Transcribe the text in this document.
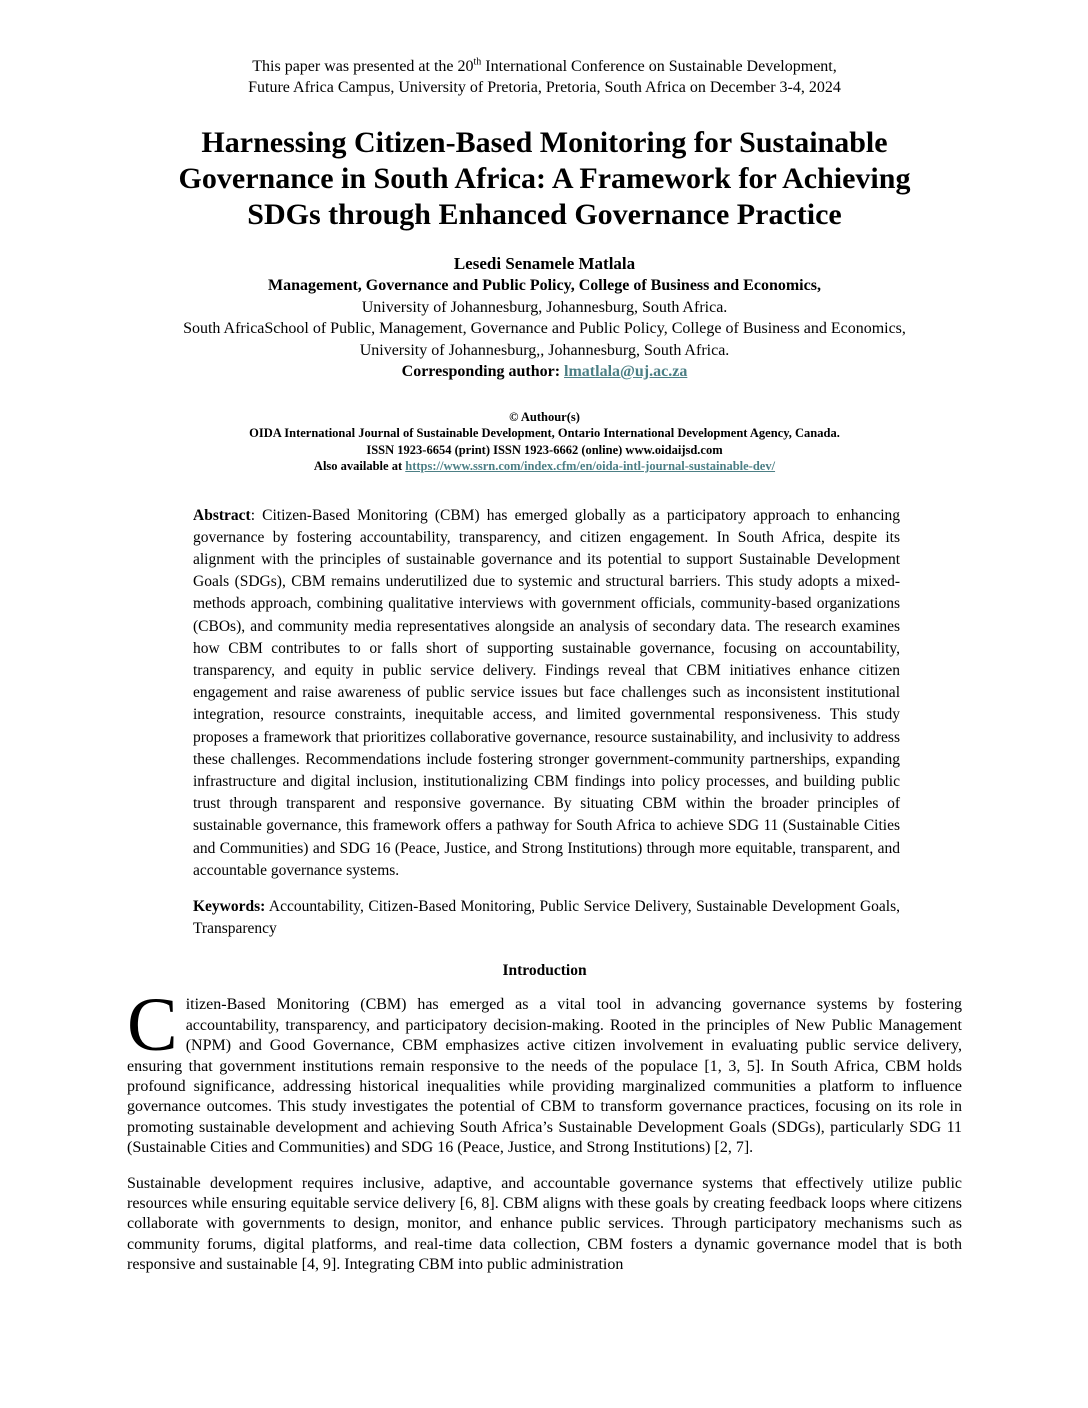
This paper was presented at the 20th International Conference on Sustainable Development,
Future Africa Campus, University of Pretoria, Pretoria, South Africa on December 3-4, 2024
Harnessing Citizen-Based Monitoring for Sustainable Governance in South Africa: A Framework for Achieving SDGs through Enhanced Governance Practice
Lesedi Senamele Matlala
Management, Governance and Public Policy, College of Business and Economics,
University of Johannesburg, Johannesburg, South Africa.
South AfricaSchool of Public, Management, Governance and Public Policy, College of Business and Economics,
University of Johannesburg,, Johannesburg, South Africa.
Corresponding author: lmatlala@uj.ac.za
© Authour(s)
OIDA International Journal of Sustainable Development, Ontario International Development Agency, Canada.
ISSN 1923-6654 (print) ISSN 1923-6662 (online) www.oidaijsd.com
Also available at https://www.ssrn.com/index.cfm/en/oida-intl-journal-sustainable-dev/

Abstract: Citizen-Based Monitoring (CBM) has emerged globally as a participatory approach to enhancing governance by fostering accountability, transparency, and citizen engagement. In South Africa, despite its alignment with the principles of sustainable governance and its potential to support Sustainable Development Goals (SDGs), CBM remains underutilized due to systemic and structural barriers. This study adopts a mixed-methods approach, combining qualitative interviews with government officials, community-based organizations (CBOs), and community media representatives alongside an analysis of secondary data. The research examines how CBM contributes to or falls short of supporting sustainable governance, focusing on accountability, transparency, and equity in public service delivery. Findings reveal that CBM initiatives enhance citizen engagement and raise awareness of public service issues but face challenges such as inconsistent institutional integration, resource constraints, inequitable access, and limited governmental responsiveness. This study proposes a framework that prioritizes collaborative governance, resource sustainability, and inclusivity to address these challenges. Recommendations include fostering stronger government-community partnerships, expanding infrastructure and digital inclusion, institutionalizing CBM findings into policy processes, and building public trust through transparent and responsive governance. By situating CBM within the broader principles of sustainable governance, this framework offers a pathway for South Africa to achieve SDG 11 (Sustainable Cities and Communities) and SDG 16 (Peace, Justice, and Strong Institutions) through more equitable, transparent, and accountable governance systems.

Keywords: Accountability, Citizen-Based Monitoring, Public Service Delivery, Sustainable Development Goals, Transparency

Introduction

Citizen-Based Monitoring (CBM) has emerged as a vital tool in advancing governance systems by fostering accountability, transparency, and participatory decision-making. Rooted in the principles of New Public Management (NPM) and Good Governance, CBM emphasizes active citizen involvement in evaluating public service delivery, ensuring that government institutions remain responsive to the needs of the populace [1, 3, 5]. In South Africa, CBM holds profound significance, addressing historical inequalities while providing marginalized communities a platform to influence governance outcomes. This study investigates the potential of CBM to transform governance practices, focusing on its role in promoting sustainable development and achieving South Africa’s Sustainable Development Goals (SDGs), particularly SDG 11 (Sustainable Cities and Communities) and SDG 16 (Peace, Justice, and Strong Institutions) [2, 7].

Sustainable development requires inclusive, adaptive, and accountable governance systems that effectively utilize public resources while ensuring equitable service delivery [6, 8]. CBM aligns with these goals by creating feedback loops where citizens collaborate with governments to design, monitor, and enhance public services. Through participatory mechanisms such as community forums, digital platforms, and real-time data collection, CBM fosters a dynamic governance model that is both responsive and sustainable [4, 9]. Integrating CBM into public administration
